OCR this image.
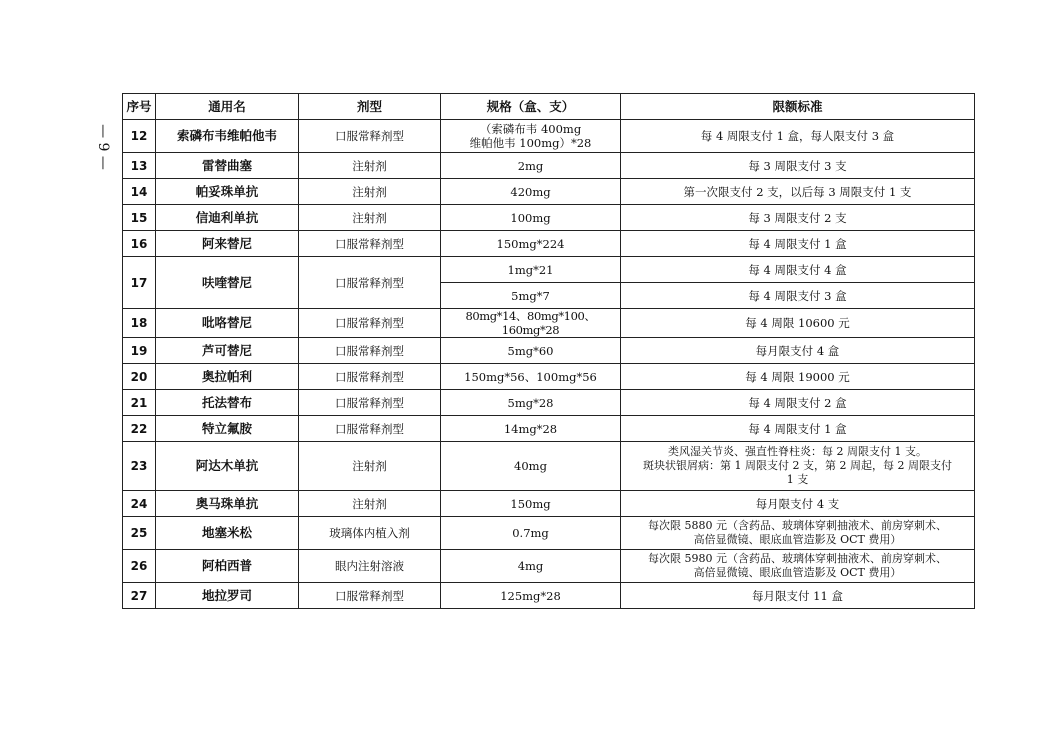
— 9 —
序号	通用名	剂型	规格（盒、支）	限额标准
12	索磷布韦维帕他韦	口服常释剂型	（索磷布韦 400mg
维帕他韦 100mg）*28	每 4 周限支付 1 盒，每人限支付 3 盒
13	雷替曲塞	注射剂	2mg	每 3 周限支付 3 支
14	帕妥珠单抗	注射剂	420mg	第一次限支付 2 支，以后每 3 周限支付 1 支
15	信迪利单抗	注射剂	100mg	每 3 周限支付 2 支
16	阿来替尼	口服常释剂型	150mg*224	每 4 周限支付 1 盒
17	呋喹替尼	口服常释剂型	1mg*21	每 4 周限支付 4 盒
			5mg*7	每 4 周限支付 3 盒
18	吡咯替尼	口服常释剂型	80mg*14、80mg*100、160mg*28	每 4 周限 10600 元
19	芦可替尼	口服常释剂型	5mg*60	每月限支付 4 盒
20	奥拉帕利	口服常释剂型	150mg*56、100mg*56	每 4 周限 19000 元
21	托法替布	口服常释剂型	5mg*28	每 4 周限支付 2 盒
22	特立氟胺	口服常释剂型	14mg*28	每 4 周限支付 1 盒
23	阿达木单抗	注射剂	40mg	类风湿关节炎、强直性脊柱炎：每 2 周限支付 1 支。
斑块状银屑病：第 1 周限支付 2 支，第 2 周起，每 2 周限支付
1 支

24	奥马珠单抗	注射剂	150mg	每月限支付 4 支
25	地塞米松	玻璃体内植入剂	0.7mg	每次限 5880 元（含药品、玻璃体穿刺抽液术、前房穿刺术、
高倍显微镜、眼底血管造影及 OCT 费用）

26	阿柏西普	眼内注射溶液	4mg	每次限 5980 元（含药品、玻璃体穿刺抽液术、前房穿刺术、
高倍显微镜、眼底血管造影及 OCT 费用）

27	地拉罗司	口服常释剂型	125mg*28	每月限支付 11 盒
